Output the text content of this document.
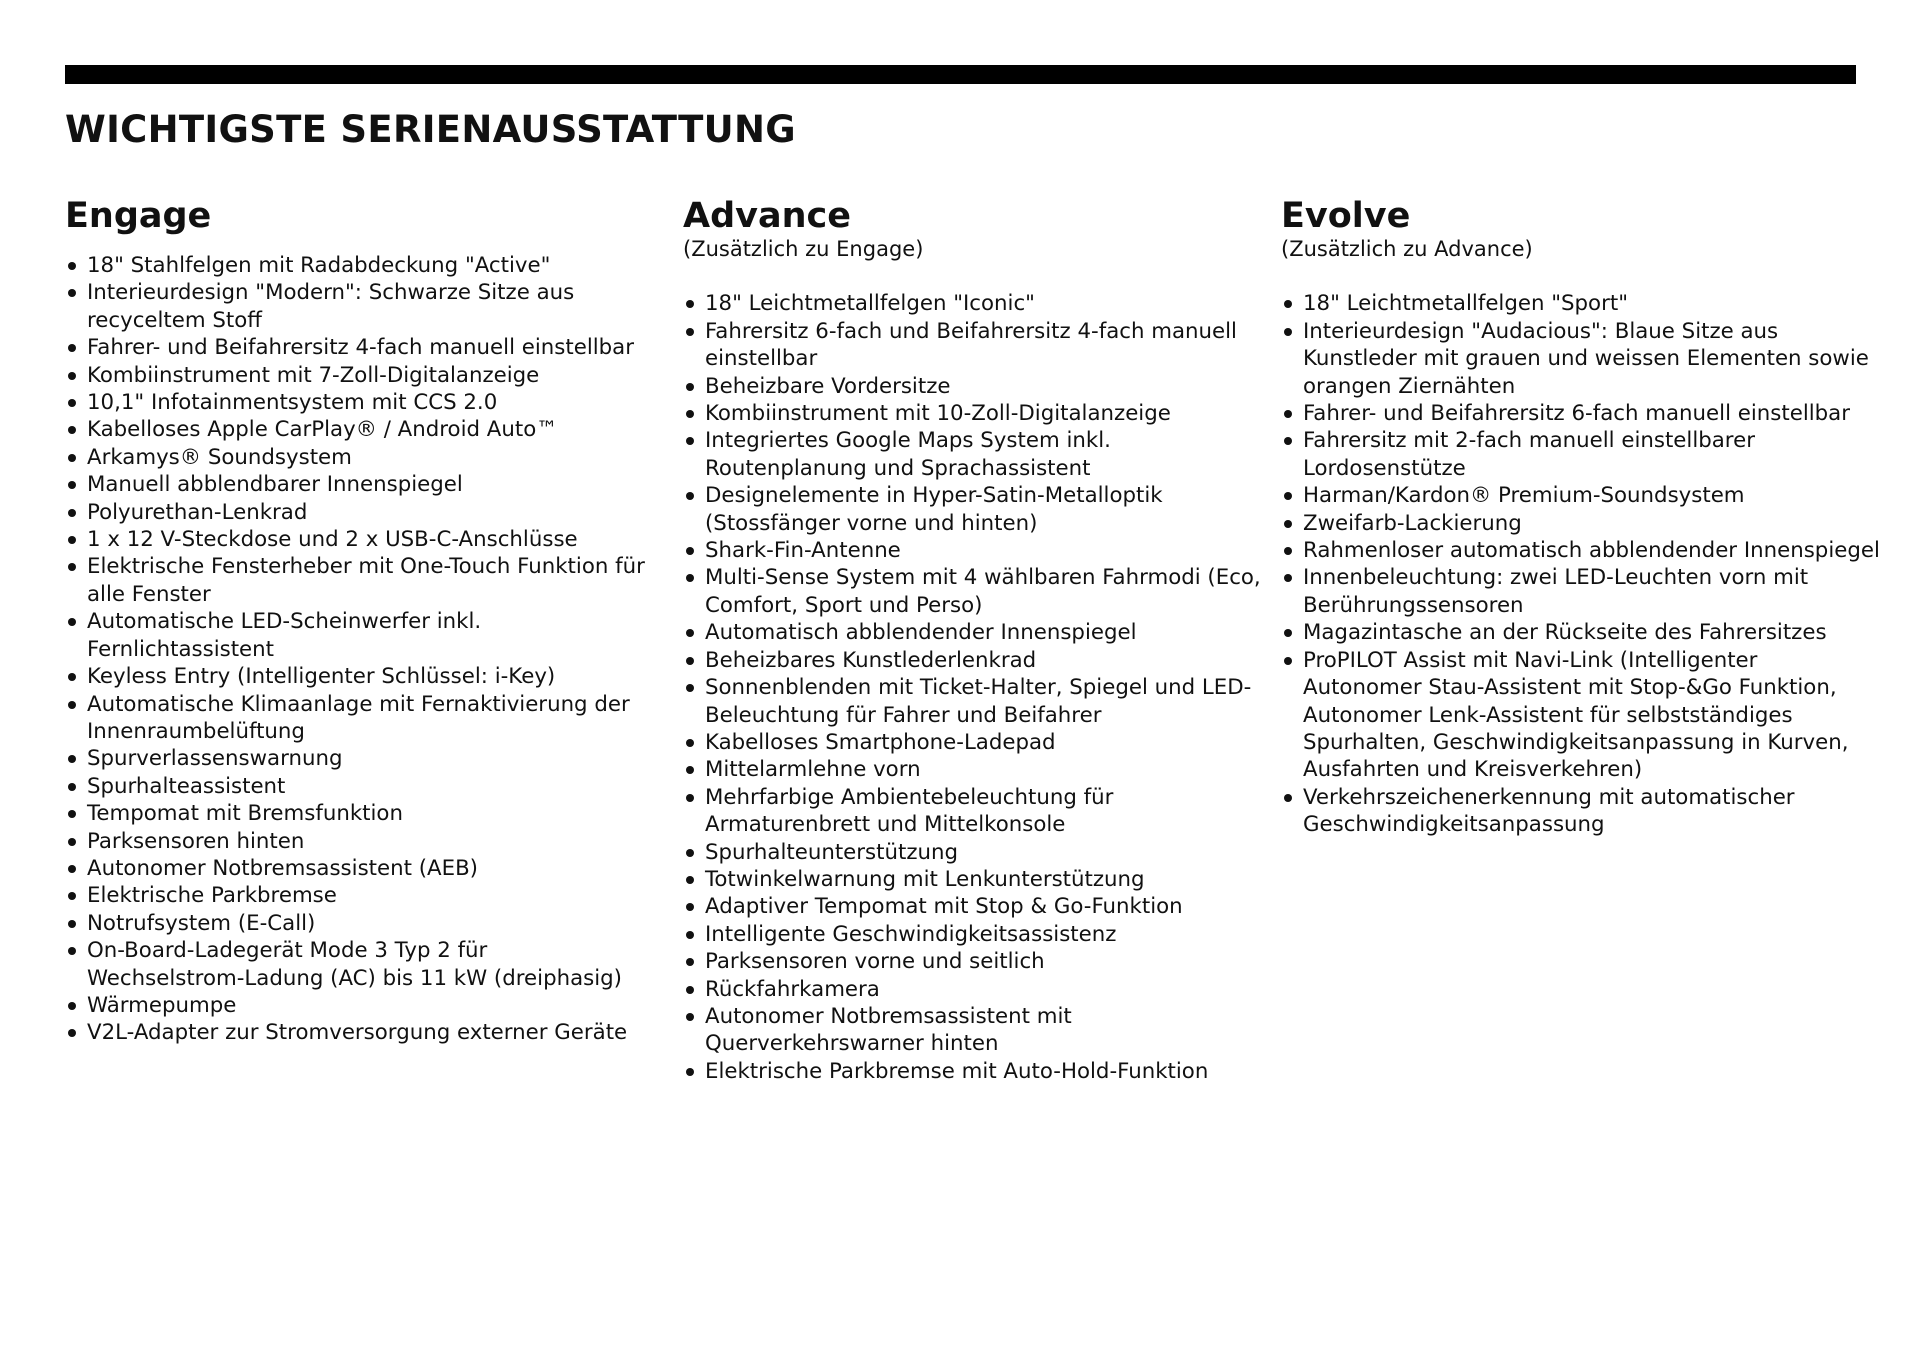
WICHTIGSTE SERIENAUSSTATTUNG
Engage
18" Stahlfelgen mit Radabdeckung "Active"
Interieurdesign "Modern": Schwarze Sitze aus recyceltem Stoff
Fahrer- und Beifahrersitz 4-fach manuell einstellbar
Kombiinstrument mit 7-Zoll-Digitalanzeige
10,1" Infotainmentsystem mit CCS 2.0
Kabelloses Apple CarPlay® / Android Auto™
Arkamys® Soundsystem
Manuell abblendbarer Innenspiegel
Polyurethan-Lenkrad
1 x 12 V-Steckdose und 2 x USB-C-Anschlüsse
Elektrische Fensterheber mit One-Touch Funktion für alle Fenster
Automatische LED-Scheinwerfer inkl. Fernlichtassistent
Keyless Entry (Intelligenter Schlüssel: i-Key)
Automatische Klimaanlage mit Fernaktivierung der Innenraumbelüftung
Spurverlassenswarnung
Spurhalteassistent
Tempomat mit Bremsfunktion
Parksensoren hinten
Autonomer Notbremsassistent (AEB)
Elektrische Parkbremse
Notrufsystem (E-Call)
On-Board-Ladegerät Mode 3 Typ 2 für Wechselstrom-Ladung (AC) bis 11 kW (dreiphasig)
Wärmepumpe
V2L-Adapter zur Stromversorgung externer Geräte
Advance
(Zusätzlich zu Engage)
18" Leichtmetallfelgen "Iconic"
Fahrersitz 6-fach und Beifahrersitz 4-fach manuell einstellbar
Beheizbare Vordersitze
Kombiinstrument mit 10-Zoll-Digitalanzeige
Integriertes Google Maps System inkl. Routenplanung und Sprachassistent
Designelemente in Hyper-Satin-Metalloptik (Stossfänger vorne und hinten)
Shark-Fin-Antenne
Multi-Sense System mit 4 wählbaren Fahrmodi (Eco, Comfort, Sport und Perso)
Automatisch abblendender Innenspiegel
Beheizbares Kunstlederlenkrad
Sonnenblenden mit Ticket-Halter, Spiegel und LED-Beleuchtung für Fahrer und Beifahrer
Kabelloses Smartphone-Ladepad
Mittelarmlehne vorn
Mehrfarbige Ambientebeleuchtung für Armaturenbrett und Mittelkonsole
Spurhalteunterstützung
Totwinkelwarnung mit Lenkunterstützung
Adaptiver Tempomat mit Stop & Go-Funktion
Intelligente Geschwindigkeitsassistenz
Parksensoren vorne und seitlich
Rückfahrkamera
Autonomer Notbremsassistent mit Querverkehrswarner hinten
Elektrische Parkbremse mit Auto-Hold-Funktion
Evolve
(Zusätzlich zu Advance)
18" Leichtmetallfelgen "Sport"
Interieurdesign "Audacious": Blaue Sitze aus Kunstleder mit grauen und weissen Elementen sowie orangen Ziernähten
Fahrer- und Beifahrersitz 6-fach manuell einstellbar
Fahrersitz mit 2-fach manuell einstellbarer Lordosenstütze
Harman/Kardon® Premium-Soundsystem
Zweifarb-Lackierung
Rahmenloser automatisch abblendender Innenspiegel
Innenbeleuchtung: zwei LED-Leuchten vorn mit Berührungssensoren
Magazintasche an der Rückseite des Fahrersitzes
ProPILOT Assist mit Navi-Link (Intelligenter Autonomer Stau-Assistent mit Stop-&Go Funktion, Autonomer Lenk-Assistent für selbstständiges Spurhalten, Geschwindigkeitsanpassung in Kurven, Ausfahrten und Kreisverkehren)
Verkehrszeichenerkennung mit automatischer Geschwindigkeitsanpassung
